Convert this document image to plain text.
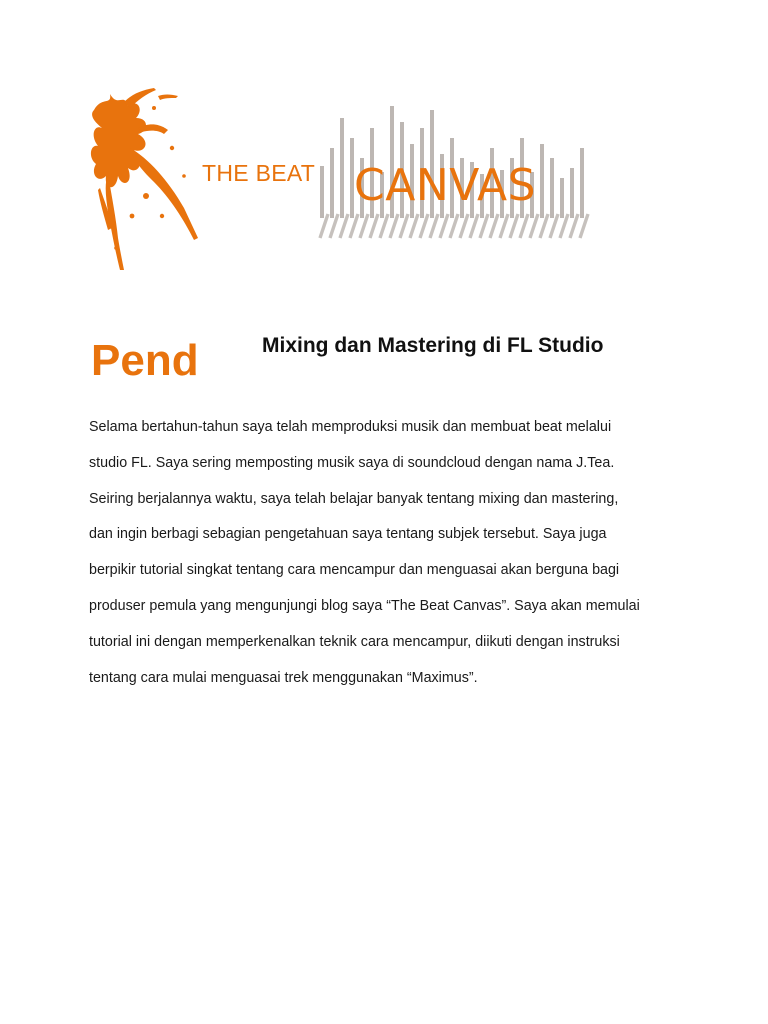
THE BEAT CANVAS
Pend	Mixing dan Mastering di FL Studio
Selama bertahun-tahun saya telah memproduksi musik dan membuat beat melalui
studio FL. Saya sering memposting musik saya di soundcloud dengan nama J.Tea.
Seiring berjalannya waktu, saya telah belajar banyak tentang mixing dan mastering,
dan ingin berbagi sebagian pengetahuan saya tentang subjek tersebut. Saya juga
berpikir tutorial singkat tentang cara mencampur dan menguasai akan berguna bagi
produser pemula yang mengunjungi blog saya “The Beat Canvas”. Saya akan memulai
tutorial ini dengan memperkenalkan teknik cara mencampur, diikuti dengan instruksi
tentang cara mulai menguasai trek menggunakan “Maximus”.
